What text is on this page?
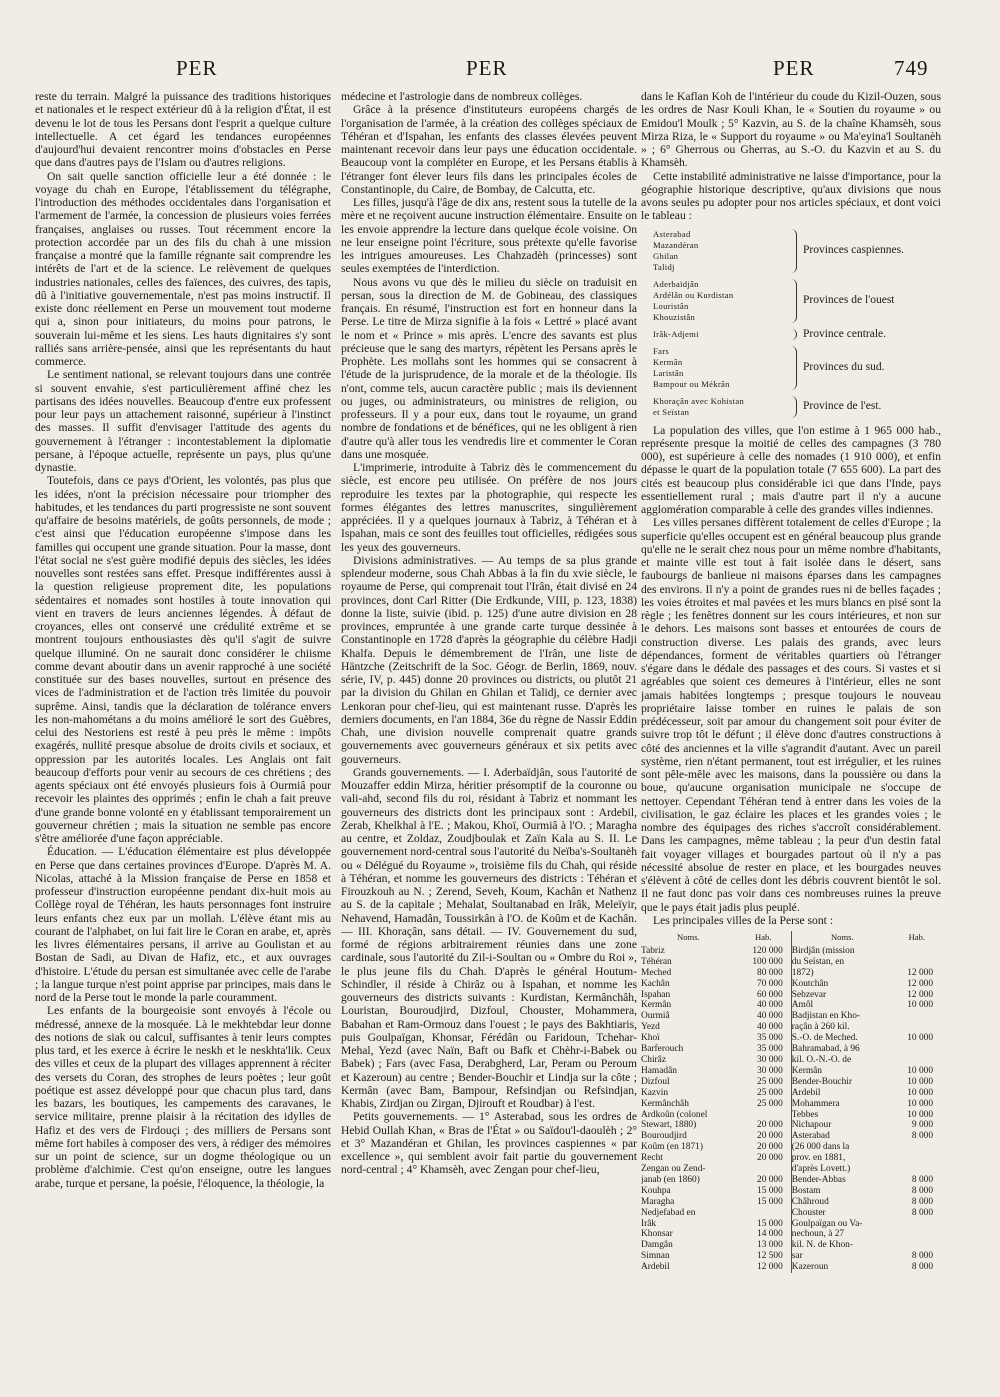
PER	PER	PER	749

reste du terrain. Malgré la puissance des traditions historiques et nationales et le respect extérieur dû à la religion d'État, il est devenu le lot de tous les Persans dont l'esprit a quelque culture intellectuelle. A cet égard les tendances européennes d'aujourd'hui devaient rencontrer moins d'obstacles en Perse que dans d'autres pays de l'Islam ou d'autres religions.

On sait quelle sanction officielle leur a été donnée : le voyage du chah en Europe, l'établissement du télégraphe, l'introduction des méthodes occidentales dans l'organisation et l'armement de l'armée, la concession de plusieurs voies ferrées françaises, anglaises ou russes. Tout récemment encore la protection accordée par un des fils du chah à une mission française a montré que la famille régnante sait comprendre les intérêts de l'art et de la science. Le relèvement de quelques industries nationales, celles des faïences, des cuivres, des tapis, dû à l'initiative gouvernementale, n'est pas moins instructif. Il existe donc réellement en Perse un mouvement tout moderne qui a, sinon pour initiateurs, du moins pour patrons, le souverain lui-même et les siens. Les hauts dignitaires s'y sont ralliés sans arrière-pensée, ainsi que les représentants du haut commerce.

Le sentiment national, se relevant toujours dans une contrée si souvent envahie, s'est particulièrement affiné chez les partisans des idées nouvelles. Beaucoup d'entre eux professent pour leur pays un attachement raisonné, supérieur à l'instinct des masses. Il suffit d'envisager l'attitude des agents du gouvernement à l'étranger : incontestablement la diplomatie persane, à l'époque actuelle, représente un pays, plus qu'une dynastie.

Toutefois, dans ce pays d'Orient, les volontés, pas plus que les idées, n'ont la précision nécessaire pour triompher des habitudes, et les tendances du parti progressiste ne sont souvent qu'affaire de besoins matériels, de goûts personnels, de mode ; c'est ainsi que l'éducation européenne s'impose dans les familles qui occupent une grande situation. Pour la masse, dont l'état social ne s'est guère modifié depuis des siècles, les idées nouvelles sont restées sans effet. Presque indifférentes aussi à la question religieuse proprement dite, les populations sédentaires et nomades sont hostiles à toute innovation qui vient en travers de leurs anciennes légendes. À défaut de croyances, elles ont conservé une crédulité extrême et se montrent toujours enthousiastes dès qu'il s'agit de suivre quelque illuminé. On ne saurait donc considérer le chiisme comme devant aboutir dans un avenir rapproché à une société constituée sur des bases nouvelles, surtout en présence des vices de l'administration et de l'action très limitée du pouvoir suprême. Ainsi, tandis que la déclaration de tolérance envers les non-mahométans a du moins amélioré le sort des Guèbres, celui des Nestoriens est resté à peu près le même : impôts exagérés, nullité presque absolue de droits civils et sociaux, et oppression par les autorités locales. Les Anglais ont fait beaucoup d'efforts pour venir au secours de ces chrétiens ; des agents spéciaux ont été envoyés plusieurs fois à Ourmiâ pour recevoir les plaintes des opprimés ; enfin le chah a fait preuve d'une grande bonne volonté en y établissant temporairement un gouverneur chrétien ; mais la situation ne semble pas encore s'être améliorée d'une façon appréciable.

Éducation. — L'éducation élémentaire est plus développée en Perse que dans certaines provinces d'Europe. D'après M. A. Nicolas, attaché à la Mission française de Perse en 1858 et professeur d'instruction européenne pendant dix-huit mois au Collège royal de Téhéran, les hauts personnages font instruire leurs enfants chez eux par un mollah. L'élève étant mis au courant de l'alphabet, on lui fait lire le Coran en arabe, et, après les livres élémentaires persans, il arrive au Goulistan et au Bostan de Sadi, au Divan de Hafiz, etc., et aux ouvrages d'histoire. L'étude du persan est simultanée avec celle de l'arabe ; la langue turque n'est point apprise par principes, mais dans le nord de la Perse tout le monde la parle couramment.

Les enfants de la bourgeoisie sont envoyés à l'école ou médressé, annexe de la mosquée. Là le mekhtebdar leur donne des notions de siak ou calcul, suffisantes à tenir leurs comptes plus tard, et les exerce à écrire le neskh et le neskhta'lik. Ceux des villes et ceux de la plupart des villages apprennent à réciter des versets du Coran, des strophes de leurs poètes ; leur goût poétique est assez développé pour que chacun plus tard, dans les bazars, les boutiques, les campements des caravanes, le service militaire, prenne plaisir à la récitation des idylles de Hafiz et des vers de Firdouçi ; des milliers de Persans sont même fort habiles à composer des vers, à rédiger des mémoires sur un point de science, sur un dogme théologique ou un problème d'alchimie. C'est qu'on enseigne, outre les langues arabe, turque et persane, la poésie, l'éloquence, la théologie, la

médecine et l'astrologie dans de nombreux collèges.

Grâce à la présence d'instituteurs européens chargés de l'organisation de l'armée, à la création des collèges spéciaux de Téhéran et d'Ispahan, les enfants des classes élevées peuvent maintenant recevoir dans leur pays une éducation occidentale. Beaucoup vont la compléter en Europe, et les Persans établis à l'étranger font élever leurs fils dans les principales écoles de Constantinople, du Caire, de Bombay, de Calcutta, etc.

Les filles, jusqu'à l'âge de dix ans, restent sous la tutelle de la mère et ne reçoivent aucune instruction élémentaire. Ensuite on les envoie apprendre la lecture dans quelque école voisine. On ne leur enseigne point l'écriture, sous prétexte qu'elle favorise les intrigues amoureuses. Les Chahzadèh (princesses) sont seules exemptées de l'interdiction.

Nous avons vu que dès le milieu du siècle on traduisit en persan, sous la direction de M. de Gobineau, des classiques français. En résumé, l'instruction est fort en honneur dans la Perse. Le titre de Mirza signifie à la fois « Lettré » placé avant le nom et « Prince » mis après. L'encre des savants est plus précieuse que le sang des martyrs, répètent les Persans après le Prophète. Les mollahs sont les hommes qui se consacrent à l'étude de la jurisprudence, de la morale et de la théologie. Ils n'ont, comme tels, aucun caractère public ; mais ils deviennent ou juges, ou administrateurs, ou ministres de religion, ou professeurs. Il y a pour eux, dans tout le royaume, un grand nombre de fondations et de bénéfices, qui ne les obligent à rien d'autre qu'à aller tous les vendredis lire et commenter le Coran dans une mosquée.

L'imprimerie, introduite à Tabriz dès le commencement du siècle, est encore peu utilisée. On préfère de nos jours reproduire les textes par la photographie, qui respecte les formes élégantes des lettres manuscrites, singulièrement appréciées. Il y a quelques journaux à Tabriz, à Téhéran et à Ispahan, mais ce sont des feuilles tout officielles, rédigées sous les yeux des gouverneurs.

Divisions administratives. — Au temps de sa plus grande splendeur moderne, sous Chah Abbas à la fin du xvie siècle, le royaume de Perse, qui comprenait tout l'Irân, était divisé en 24 provinces, dont Carl Ritter (Die Erdkunde, VIII, p. 123, 1838) donne la liste, suivie (ibid. p. 125) d'une autre division en 28 provinces, empruntée à une grande carte turque dessinée à Constantinople en 1728 d'après la géographie du célèbre Hadji Khalfa. Depuis le démembrement de l'Irân, une liste de Häntzche (Zeitschrift de la Soc. Géogr. de Berlin, 1869, nouv. série, IV, p. 445) donne 20 provinces ou districts, ou plutôt 21 par la division du Ghilan en Ghilan et Talidj, ce dernier avec Lenkoran pour chef-lieu, qui est maintenant russe. D'après les derniers documents, en l'an 1884, 36e du règne de Nassir Eddin Chah, une division nouvelle comprenait quatre grands gouvernements avec gouverneurs généraux et six petits avec gouverneurs.

Grands gouvernements. — I. Aderbaïdjân, sous l'autorité de Mouzaffer eddin Mirza, héritier présomptif de la couronne ou vali-ahd, second fils du roi, résidant à Tabriz et nommant les gouverneurs des districts dont les principaux sont : Ardebil, Zerab, Khelkhal à l'E. ; Makou, Khoï, Ourmiâ à l'O. ; Maragha au centre, et Zoldaz, Zoudjboulak et Zaïn Kala au S. II. Le gouvernement nord-central sous l'autorité du Neïba's-Soultanèh ou « Délégué du Royaume », troisième fils du Chah, qui réside à Téhéran, et nomme les gouverneurs des districts : Téhéran et Firouzkouh au N. ; Zerend, Seveh, Koum, Kachân et Nathenz au S. de la capitale ; Mehalat, Soultanabad en Irâk, Meleïyir, Nehavend, Hamadân, Toussirkân à l'O. de Koûm et de Kachân. — III. Khoraçân, sans détail. — IV. Gouvernement du sud, formé de régions arbitrairement réunies dans une zone cardinale, sous l'autorité du Zil-i-Soultan ou « Ombre du Roi », le plus jeune fils du Chah. D'après le général Houtum-Schindler, il réside à Chirâz ou à Ispahan, et nomme les gouverneurs des districts suivants : Kurdistan, Kermânchâh, Louristan, Bouroudjird, Dizfoul, Chouster, Mohammera, Babahan et Ram-Ormouz dans l'ouest ; le pays des Bakhtiaris, puis Goulpaïgan, Khonsar, Férédân ou Faridoun, Tchehar-Mehal, Yezd (avec Naïn, Baft ou Bafk et Chèhr-i-Babek ou Babek) ; Fars (avec Fasa, Derabgherd, Lar, Peram ou Peroum et Kazeroun) au centre ; Bender-Bouchir et Lindja sur la côte ; Kermân (avec Bam, Bampour, Refsindjan ou Refsindjan, Khabis, Zirdjan ou Zirgan, Djirouft et Roudbar) à l'est.

Petits gouvernements. — 1° Asterabad, sous les ordres de Hebid Oullah Khan, « Bras de l'État » ou Saïdou'l-daoulèh ; 2° et 3° Mazandéran et Ghilan, les provinces caspiennes « par excellence », qui semblent avoir fait partie du gouvernement nord-central ; 4° Khamsèh, avec Zengan pour chef-lieu,

dans le Kaflan Koh de l'intérieur du coude du Kizil-Ouzen, sous les ordres de Nasr Kouli Khan, le « Soutien du royaume » ou Emidou'l Moulk ; 5° Kazvin, au S. de la chaîne Khamsèh, sous Mirza Riza, le « Support du royaume » ou Ma'eyina'l Soultanèh » ; 6° Gherrous ou Gherras, au S.-O. du Kazvin et au S. du Khamsèh.

Cette instabilité administrative ne laisse d'importance, pour la géographie historique descriptive, qu'aux divisions que nous avons seules pu adopter pour nos articles spéciaux, et dont voici le tableau :

Asterabad
Mazandéran
Ghilan
Talidj
Provinces caspiennes.
Aderbaïdjân
Ardélân ou Kurdistan
Louristân
Khouzistân
Provinces de l'ouest
Irâk-Adjemi	Province centrale.
Fars
Kermân
Laristân
Bampour ou Mékrân
Provinces du sud.
Khoraçân avec Kohistan
et Seïstan	Province de l'est.

La population des villes, que l'on estime à 1 965 000 hab., représente presque la moitié de celles des campagnes (3 780 000), est supérieure à celle des nomades (1 910 000), et enfin dépasse le quart de la population totale (7 655 600). La part des cités est beaucoup plus considérable ici que dans l'Inde, pays essentiellement rural ; mais d'autre part il n'y a aucune agglomération comparable à celle des grandes villes indiennes.

Les villes persanes diffèrent totalement de celles d'Europe ; la superficie qu'elles occupent est en général beaucoup plus grande qu'elle ne le serait chez nous pour un même nombre d'habitants, et mainte ville est tout à fait isolée dans le désert, sans faubourgs de banlieue ni maisons éparses dans les campagnes des environs. Il n'y a point de grandes rues ni de belles façades ; les voies étroites et mal pavées et les murs blancs en pisé sont la règle ; les fenêtres donnent sur les cours intérieures, et non sur le dehors. Les maisons sont basses et entourées de cours de construction diverse. Les palais des grands, avec leurs dépendances, forment de véritables quartiers où l'étranger s'égare dans le dédale des passages et des cours. Si vastes et si agréables que soient ces demeures à l'intérieur, elles ne sont jamais habitées longtemps ; presque toujours le nouveau propriétaire laisse tomber en ruines le palais de son prédécesseur, soit par amour du changement soit pour éviter de suivre trop tôt le défunt ; il élève donc d'autres constructions à côté des anciennes et la ville s'agrandit d'autant. Avec un pareil système, rien n'étant permanent, tout est irrégulier, et les ruines sont pêle-mêle avec les maisons, dans la poussière ou dans la boue, qu'aucune organisation municipale ne s'occupe de nettoyer. Cependant Téhéran tend à entrer dans les voies de la civilisation, le gaz éclaire les places et les grandes voies ; le nombre des équipages des riches s'accroît considérablement. Dans les campagnes, même tableau ; la peur d'un destin fatal fait voyager villages et bourgades partout où il n'y a pas nécessité absolue de rester en place, et les bourgades neuves s'élèvent à côté de celles dont les débris couvrent bientôt le sol. Il ne faut donc pas voir dans ces nombreuses ruines la preuve que le pays était jadis plus peuplé.

Les principales villes de la Perse sont :

Noms.	Hab.	Noms.	Hab.
Tabriz	120 000	Birdjân (mission	
Téhéran	100 000	du Seïstan, en	
Meched	80 000	1872)	12 000
Kachân	70 000	Koutchân	12 000
Ispahan	60 000	Sebzevar	12 000
Kermân	40 000	Amôl	10 000
Ourmiâ	40 000	Badjistan en Kho-	
Yezd	40 000	raçân à 260 kil.	
Khoï	35 000	S.-O. de Meched.	10 000
Barferouch	35 000	Bahramabad, à 96	
Chirâz	30 000	kil. O.-N.-O. de	
Hamadân	30 000	Kermân	10 000
Dizfoul	25 000	Bender-Bouchir	10 000
Kazvin	25 000	Ardebil	10 000
Kermânchâh	25 000	Mohammera	10 000
Ardkoûn (colonel		Tebbes	10 000
Stewart, 1880)	20 000	Nichapour	9 000
Bouroudjird	20 000	Asterabad	8 000
Koûm (en 1871)	20 000	(26 000 dans la	
Recht	20 000	prov. en 1881,	
Zengan ou Zend-		d'après Lovett.)	
janab (en 1860)	20 000	Bender-Abbas	8 000
Kouhpa	15 000	Bostam	8 000
Maragha	15 000	Châhroud	8 000
Nedjefabad en		Chouster	8 000
Irâk	15 000	Goulpaïgan ou Va-	
Khonsar	14 000	nechoun, à 27	
Damgân	13 000	kil. N. de Khon-	
Simnan	12 500	sar	8 000
Ardebil	12 000	Kazeroun	8 000
